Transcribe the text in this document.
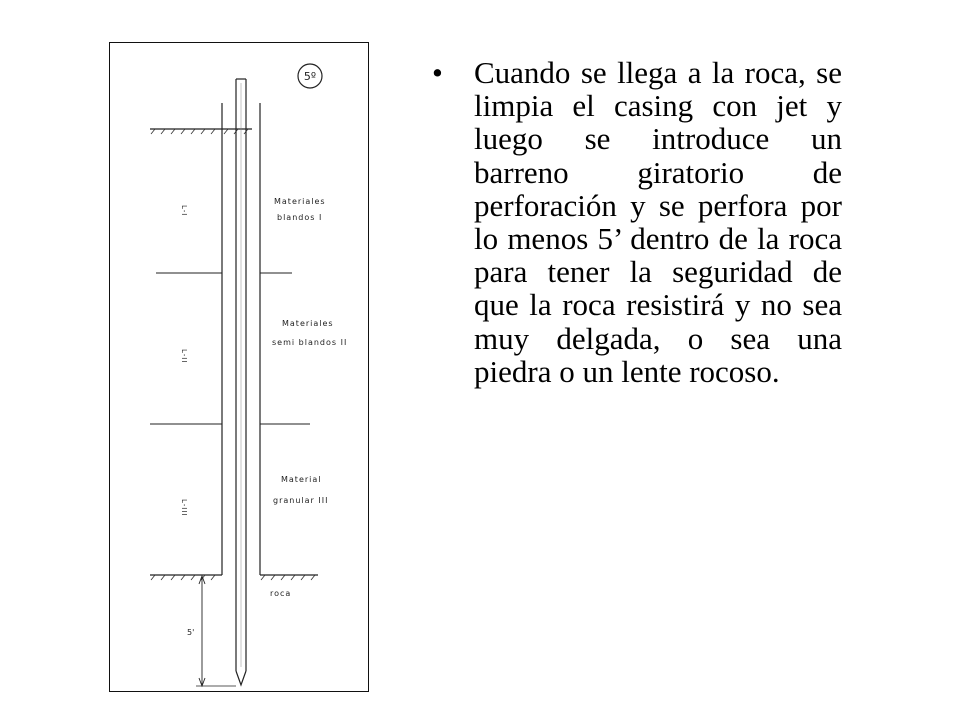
5º
Materiales
blandos I
Materiales
semi blandos II
Material
granular III
L-I
L-II
L-III
roca
5'
• Cuando se llega a la roca, se limpia el casing con jet y luego se introduce un barreno giratorio de perforación y se perfora por lo menos 5’ dentro de la roca para tener la seguridad de que la roca resistirá y no sea muy delgada, o sea una piedra o un lente rocoso.
